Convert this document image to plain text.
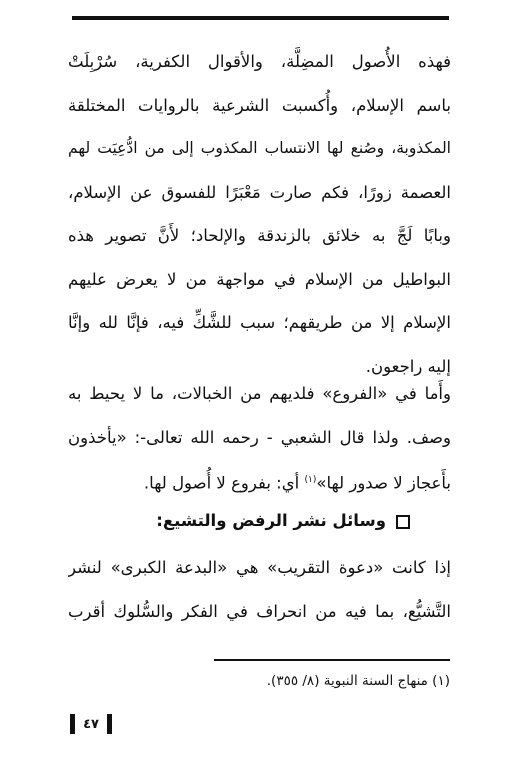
فهذه الأُصول المضِلَّة، والأقوال الكفرية، سُرْبِلَتْ
باسم الإسلام، وأُكسبت الشرعية بالروايات المختلقة
المكذوبة، وصُنع لها الانتساب المكذوب إلى من ادُّعِيَت لهم
العصمة زورًا، فكم صارت مَعْبَرًا للفسوق عن الإسلام،
وبابًا لَجَّ به خلائق بالزندقة والإلحاد؛ لأَنَّ تصوير هذه
البواطيل من الإسلام في مواجهة من لا يعرض عليهم
الإسلام إلا من طريقهم؛ سبب للشَّكِّ فيه، فإنَّا لله وإنَّا
إليه راجعون.
وأَما في «الفروع» فلديهم من الخبالات، ما لا يحيط به
وصف. ولذا قال الشعبي - رحمه الله تعالى-: «يأخذون
بأَعجاز لا صدور لها»$^{(١)}$ أي: بفروع لا أُصول لها.
وسائل نشر الرفض والتشيع:
إذا كانت «دعوة التقريب» هي «البدعة الكبرى» لنشر
التَّشيُّع، بما فيه من انحراف في الفكر والسُّلوك أقرب
(١) منهاج السنة النبوية (٨/ ٣٥٥).
٤٧
